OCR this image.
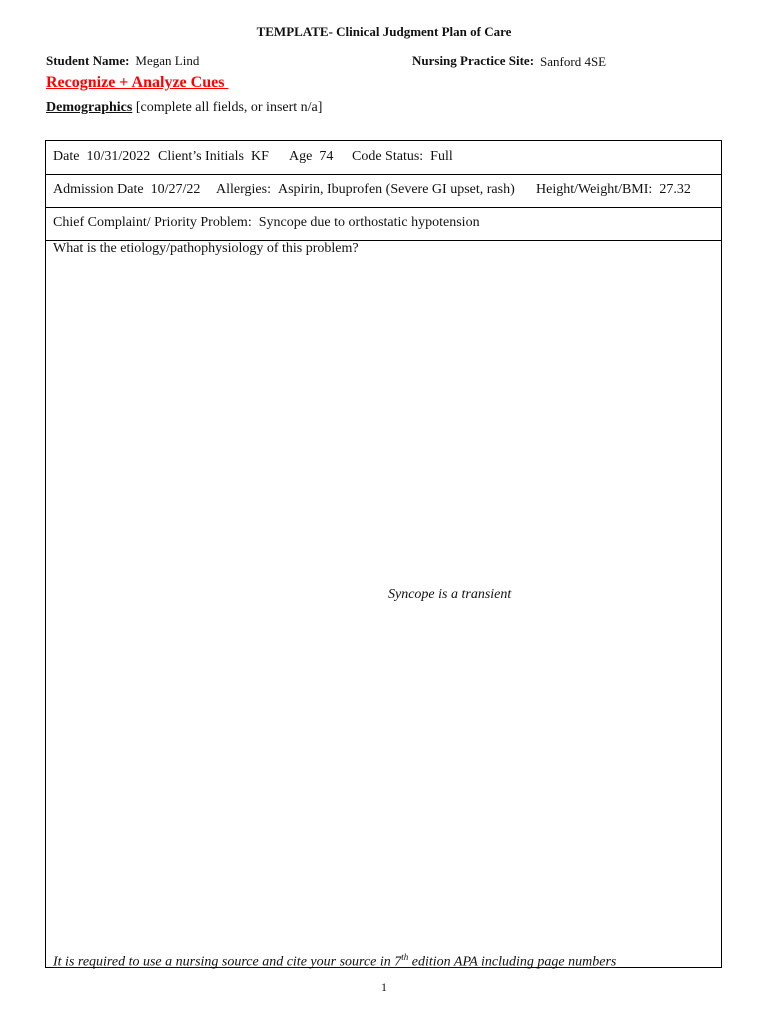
TEMPLATE- Clinical Judgment Plan of Care
Student Name: Megan Lind	Nursing Practice Site: Sanford 4SE
Recognize + Analyze Cues
Demographics [complete all fields, or insert n/a]
Date 10/31/2022 Client’s Initials KF Age 74 Code Status: Full
Admission Date 10/27/22 Allergies: Aspirin, Ibuprofen (Severe GI upset, rash)	Height/Weight/BMI: 27.32
Chief Complaint/ Priority Problem: Syncope due to orthostatic hypotension
What is the etiology/pathophysiology of this problem?
Syncope is a transient
It is required to use a nursing source and cite your source in 7th edition APA including page numbers
1
